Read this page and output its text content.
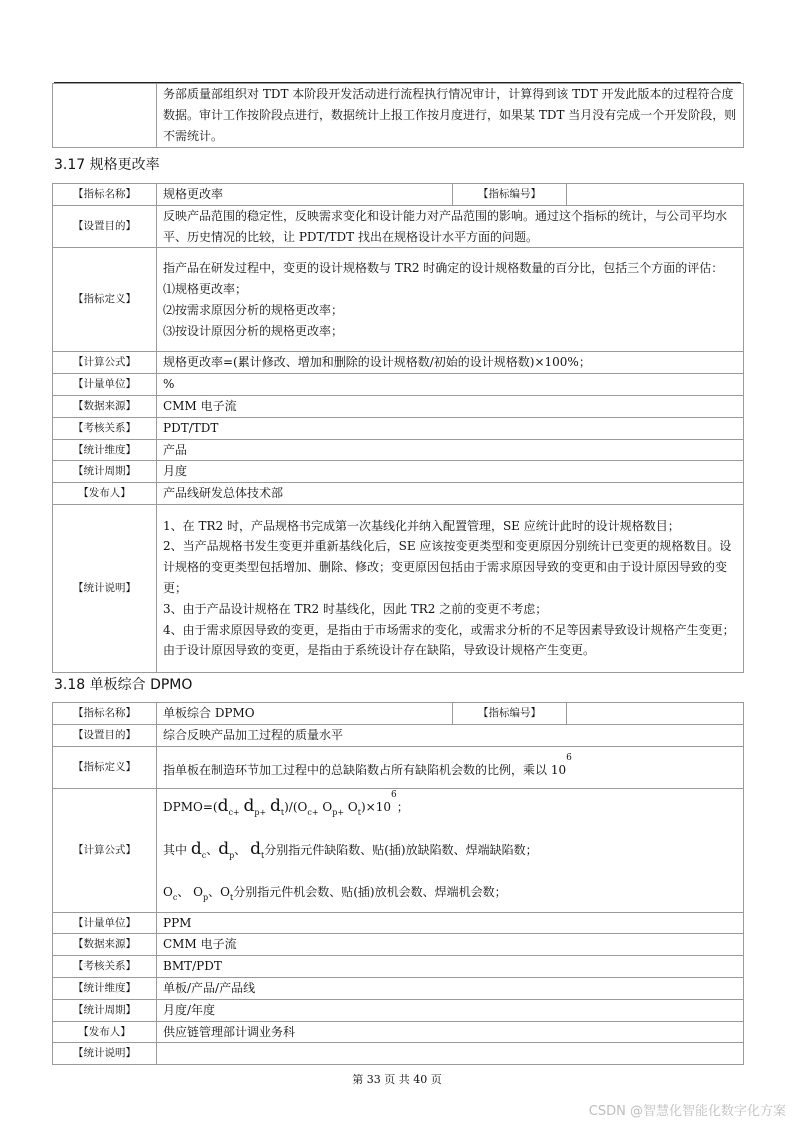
	务部质量部组织对 TDT 本阶段开发活动进行流程执行情况审计，计算得到该 TDT 开发此版本的过程符合度数据。审计工作按阶段点进行，数据统计上报工作按月度进行，如果某 TDT 当月没有完成一个开发阶段，则不需统计。
3.17 规格更改率
【指标名称】	规格更改率	【指标编号】	
【设置目的】	反映产品范围的稳定性，反映需求变化和设计能力对产品范围的影响。通过这个指标的统计，与公司平均水平、历史情况的比较，让 PDT/TDT 找出在规格设计水平方面的问题。		
【指标定义】	指产品在研发过程中，变更的设计规格数与 TR2 时确定的设计规格数量的百分比，包括三个方面的评估：
⑴规格更改率；
⑵按需求原因分析的规格更改率；
⑶按设计原因分析的规格更改率；		

【计算公式】	规格更改率=(累计修改、增加和删除的设计规格数/初始的设计规格数)×100%；		
【计量单位】	%		
【数据来源】	CMM 电子流		
【考核关系】	PDT/TDT		
【统计维度】	产品		
【统计周期】	月度		
【发布人】	产品线研发总体技术部		
【统计说明】	1、在 TR2 时，产品规格书完成第一次基线化并纳入配置管理，SE 应统计此时的设计规格数目；
2、当产品规格书发生变更并重新基线化后，SE 应该按变更类型和变更原因分别统计已变更的规格数目。设计规格的变更类型包括增加、删除、修改；变更原因包括由于需求原因导致的变更和由于设计原因导致的变更；
3、由于产品设计规格在 TR2 时基线化，因此 TR2 之前的变更不考虑；
4、由于需求原因导致的变更，是指由于市场需求的变化，或需求分析的不足等因素导致设计规格产生变更；
由于设计原因导致的变更，是指由于系统设计存在缺陷，导致设计规格产生变更。		
3.18 单板综合 DPMO
【指标名称】	单板综合 DPMO	【指标编号】	
【设置目的】	综合反映产品加工过程的质量水平		
【指标定义】	指单板在制造环节加工过程中的总缺陷数占所有缺陷机会数的比例，乘以 $10^6$
【计算公式】	$DPMO=(d_{c+}$ $d_{p+}$ $d_t)/(O_{c+}$ $O_{p+}$ $O_t)\times 10^6$；
其中 $d_c$、$d_p$、 $d_t$分别指元件缺陷数、贴(插)放缺陷数、焊端缺陷数；
$O_c$、 $O_p$、$O_t$分别指元件机会数、贴(插)放机会数、焊端机会数；		

【计量单位】	PPM		
【数据来源】	CMM 电子流		
【考核关系】	BMT/PDT		
【统计维度】	单板/产品/产品线		
【统计周期】	月度/年度		
【发布人】	供应链管理部计调业务科		
【统计说明】			
第 33 页 共 40 页
CSDN @智慧化智能化数字化方案
